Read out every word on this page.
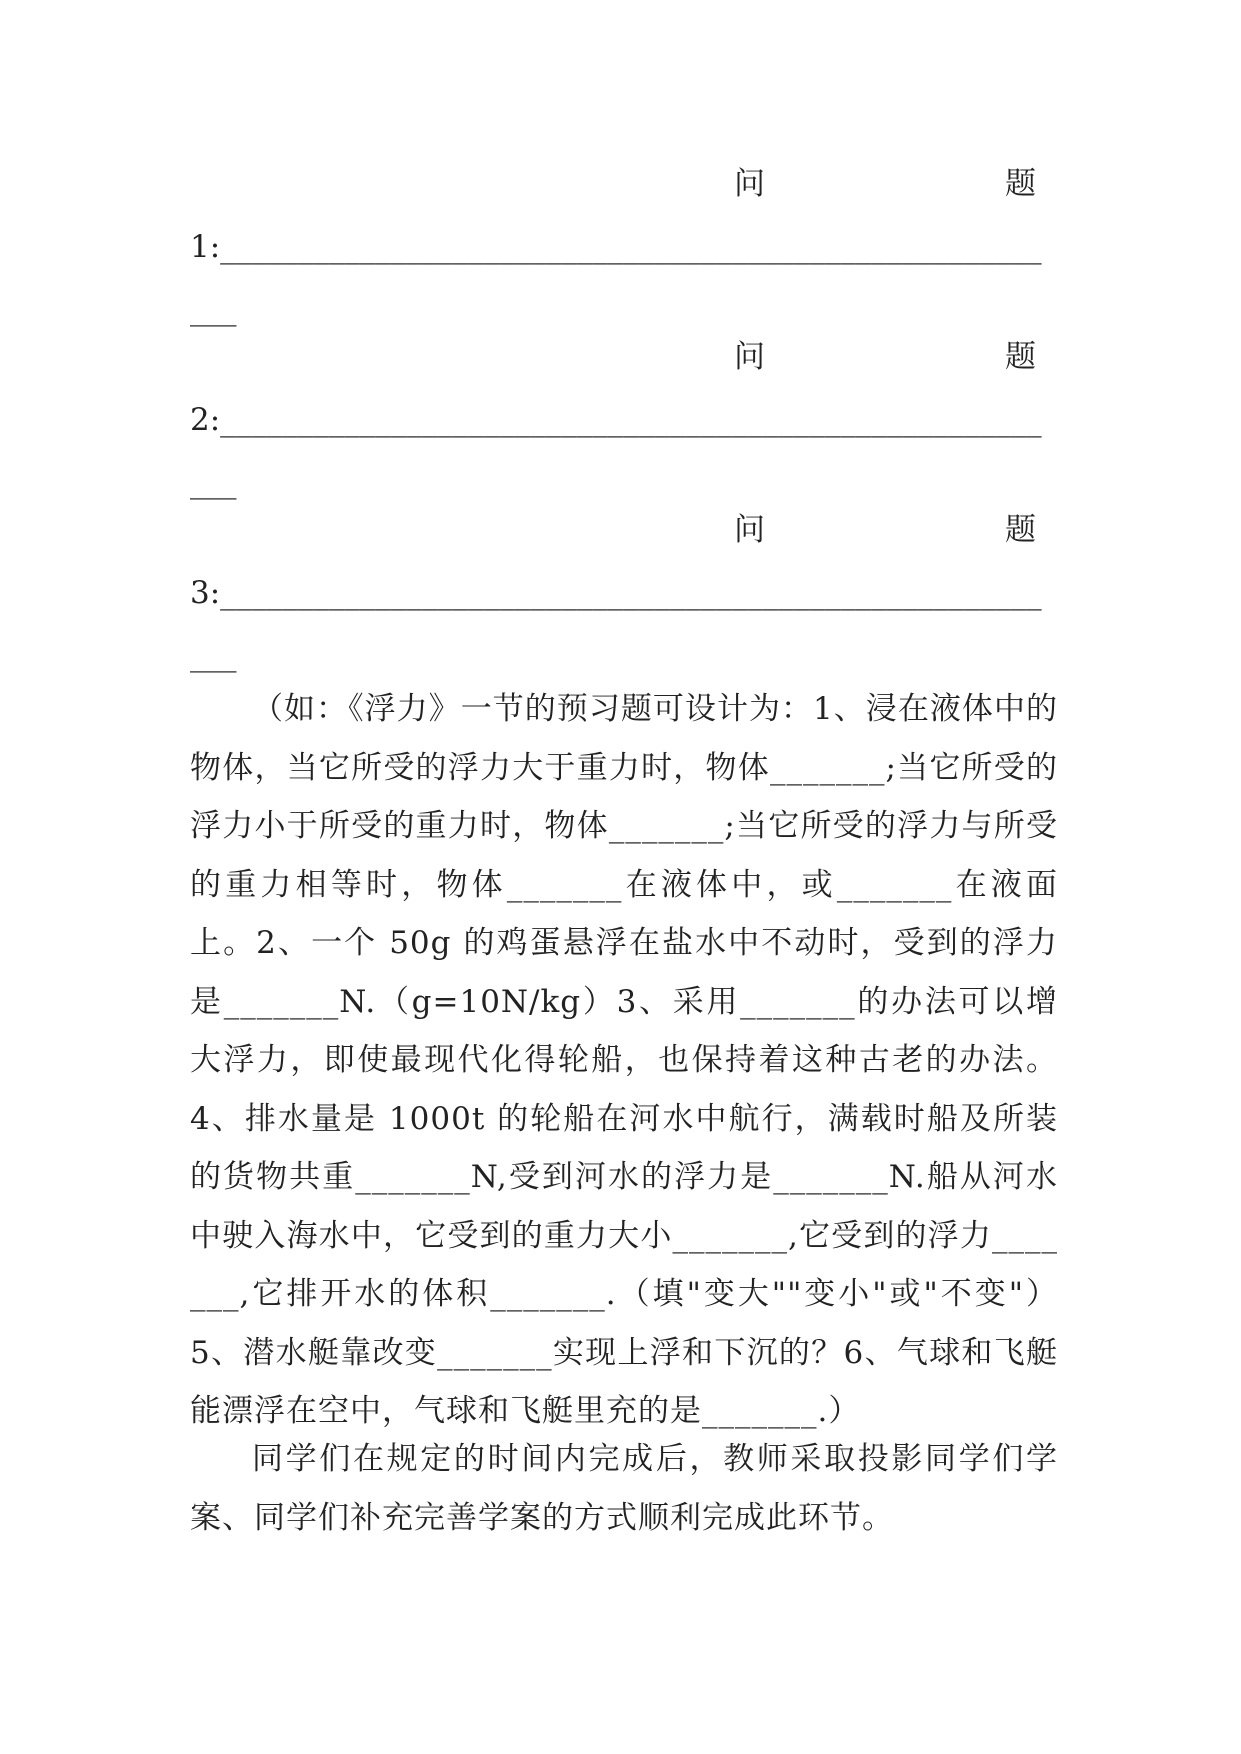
问	题
1:_____________________________________________________
___
问	题
2:_____________________________________________________
___
问	题
3:_____________________________________________________
___
（如：《浮力》一节的预习题可设计为：1、浸在液体中的物体，当它所受的浮力大于重力时，物体_______;当它所受的浮力小于所受的重力时，物体_______;当它所受的浮力与所受的重力相等时，物体_______在液体中，或_______在液面上。2、一个 50g 的鸡蛋悬浮在盐水中不动时，受到的浮力是_______N.（g=10N/kg）3、采用_______的办法可以增大浮力，即使最现代化得轮船，也保持着这种古老的办法。4、排水量是 1000t 的轮船在河水中航行，满载时船及所装的货物共重_______N,受到河水的浮力是_______N.船从河水中驶入海水中，它受到的重力大小_______,它受到的浮力_______,它排开水的体积_______.（填"变大""变小"或"不变"）5、潜水艇靠改变_______实现上浮和下沉的？6、气球和飞艇能漂浮在空中，气球和飞艇里充的是_______.）
同学们在规定的时间内完成后，教师采取投影同学们学案、同学们补充完善学案的方式顺利完成此环节。
